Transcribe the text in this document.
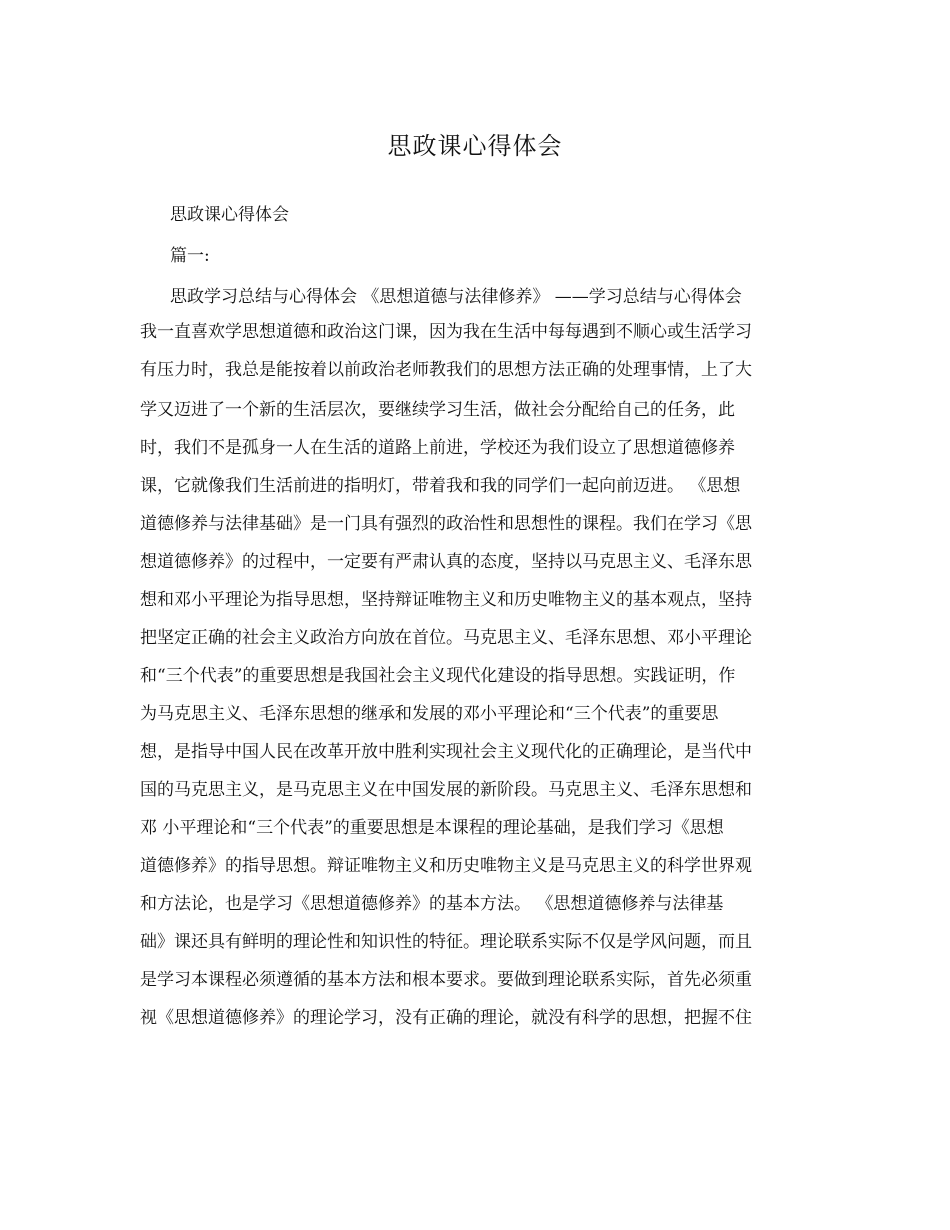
思政课心得体会
思政课心得体会
篇一:
思政学习总结与心得体会 《思想道德与法律修养》 ——学习总结与心得体会
我一直喜欢学思想道德和政治这门课，因为我在生活中每每遇到不顺心或生活学习
有压力时，我总是能按着以前政治老师教我们的思想方法正确的处理事情，上了大
学又迈进了一个新的生活层次，要继续学习生活，做社会分配给自己的任务，此
时，我们不是孤身一人在生活的道路上前进，学校还为我们设立了思想道德修养
课，它就像我们生活前进的指明灯，带着我和我的同学们一起向前迈进。 《思想
道德修养与法律基础》是一门具有强烈的政治性和思想性的课程。我们在学习《思
想道德修养》的过程中，一定要有严肃认真的态度，坚持以马克思主义、毛泽东思
想和邓小平理论为指导思想，坚持辩证唯物主义和历史唯物主义的基本观点，坚持
把坚定正确的社会主义政治方向放在首位。马克思主义、毛泽东思想、邓小平理论
和“三个代表”的重要思想是我国社会主义现代化建设的指导思想。实践证明，作
为马克思主义、毛泽东思想的继承和发展的邓小平理论和“三个代表”的重要思
想，是指导中国人民在改革开放中胜利实现社会主义现代化的正确理论，是当代中
国的马克思主义，是马克思主义在中国发展的新阶段。马克思主义、毛泽东思想和
邓 小平理论和“三个代表”的重要思想是本课程的理论基础，是我们学习《思想
道德修养》的指导思想。辩证唯物主义和历史唯物主义是马克思主义的科学世界观
和方法论，也是学习《思想道德修养》的基本方法。 《思想道德修养与法律基
础》课还具有鲜明的理论性和知识性的特征。理论联系实际不仅是学风问题，而且
是学习本课程必须遵循的基本方法和根本要求。要做到理论联系实际，首先必须重
视《思想道德修养》的理论学习，没有正确的理论，就没有科学的思想，把握不住
